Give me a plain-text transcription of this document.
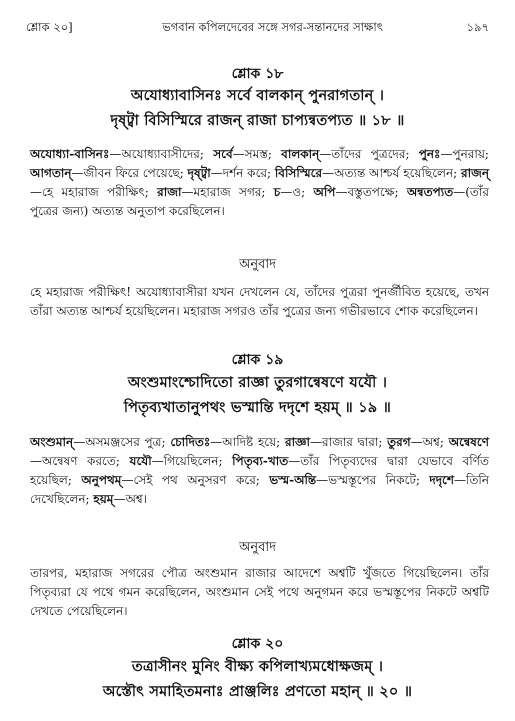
শ্লোক ২০]	ভগবান কপিলদেবের সঙ্গে সগর-সন্তানদের সাক্ষাৎ	১৯৭
শ্লোক ১৮
অযোধ্যাবাসিনঃ সর্বে বালকান্ পুনরাগতান্ ।
দৃষ্ট্বা বিসিস্মিরে রাজন্ রাজা চাপ্যন্বতপ্যত ॥ ১৮ ॥

অযোধ্যা-বাসিনঃ—অযোধ্যাবাসীদের; সর্বে—সমস্ত; বালকান্—তাঁদের পুত্রদের; পুনঃ—পুনরায়; আগতান্—জীবন ফিরে পেয়েছে; দৃষ্ট্বা—দর্শন করে; বিসিস্মিরে—অত্যন্ত আশ্চর্য হয়েছিলেন; রাজন্—হে মহারাজ পরীক্ষিৎ; রাজা—মহারাজ সগর; চ—ও; অপি—বস্তুতপক্ষে; অন্বতপ্যত—(তাঁর পুত্রের জন্য) অত্যন্ত অনুতাপ করেছিলেন।

অনুবাদ

হে মহারাজ পরীক্ষিৎ! অযোধ্যাবাসীরা যখন দেখলেন যে, তাঁদের পুত্ররা পুনর্জীবিত হয়েছে, তখন তাঁরা অত্যন্ত আশ্চর্য হয়েছিলেন। মহারাজ সগরও তাঁর পুত্রের জন্য গভীরভাবে শোক করেছিলেন।

শ্লোক ১৯
অংশুমাংশ্চোদিতো রাজ্ঞা তুরগান্বেষণে যযৌ ।
পিতৃব্যখাতানুপথং ভস্মান্তি দদৃশে হয়ম্ ॥ ১৯ ॥

অংশুমান্—অসমঞ্জসের পুত্র; চোদিতঃ—আদিষ্ট হয়ে; রাজ্ঞা—রাজার দ্বারা; তুরগ—অশ্ব; অন্বেষণে—অন্বেষণ করতে; যযৌ—গিয়েছিলেন; পিতৃব্য-খাত—তাঁর পিতৃব্যদের দ্বারা যেভাবে বর্ণিত হয়েছিল; অনুপথম্—সেই পথ অনুসরণ করে; ভস্ম-অন্তি—ভস্মস্তূপের নিকটে; দদৃশে—তিনি দেখেছিলেন; হয়ম্—অশ্ব।

অনুবাদ

তারপর, মহারাজ সগরের পৌত্র অংশুমান রাজার আদেশে অশ্বটি খুঁজতে গিয়েছিলেন। তাঁর পিতৃব্যরা যে পথে গমন করেছিলেন, অংশুমান সেই পথে অনুগমন করে ভস্মস্তূপের নিকটে অশ্বটি দেখতে পেয়েছিলেন।

শ্লোক ২০
তত্রাসীনং মুনিং বীক্ষ্য কপিলাখ্যমধোক্ষজম্ ।
অস্তৌৎ সমাহিতমনাঃ প্রাঞ্জলিঃ প্রণতো মহান্ ॥ ২০ ॥
